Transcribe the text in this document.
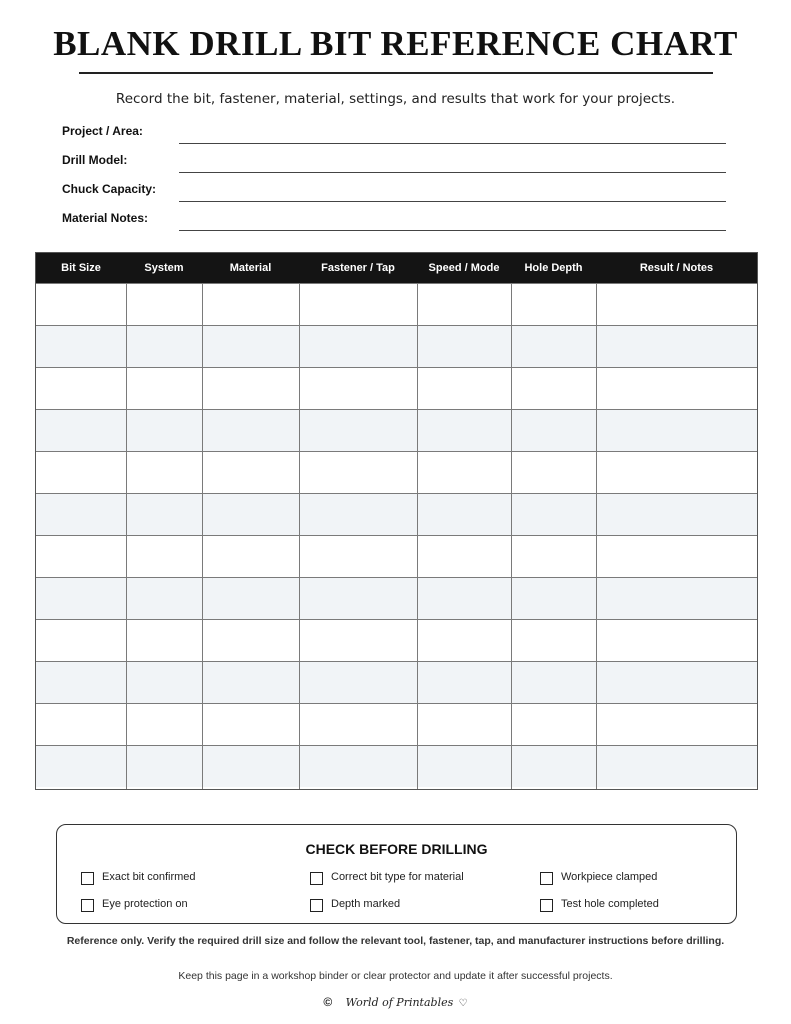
BLANK DRILL BIT REFERENCE CHART
Record the bit, fastener, material, settings, and results that work for your projects.
Project / Area:
Drill Model:
Chuck Capacity:
Material Notes:
Bit Size	System	Material	Fastener / Tap	Speed / Mode	Hole Depth	Result / Notes
CHECK BEFORE DRILLING
Exact bit confirmed	Correct bit type for material	Workpiece clamped
Eye protection on	Depth marked	Test hole completed
Reference only. Verify the required drill size and follow the relevant tool, fastener, tap, and manufacturer instructions before drilling.
Keep this page in a workshop binder or clear protector and update it after successful projects.
© World of Printables ♡
